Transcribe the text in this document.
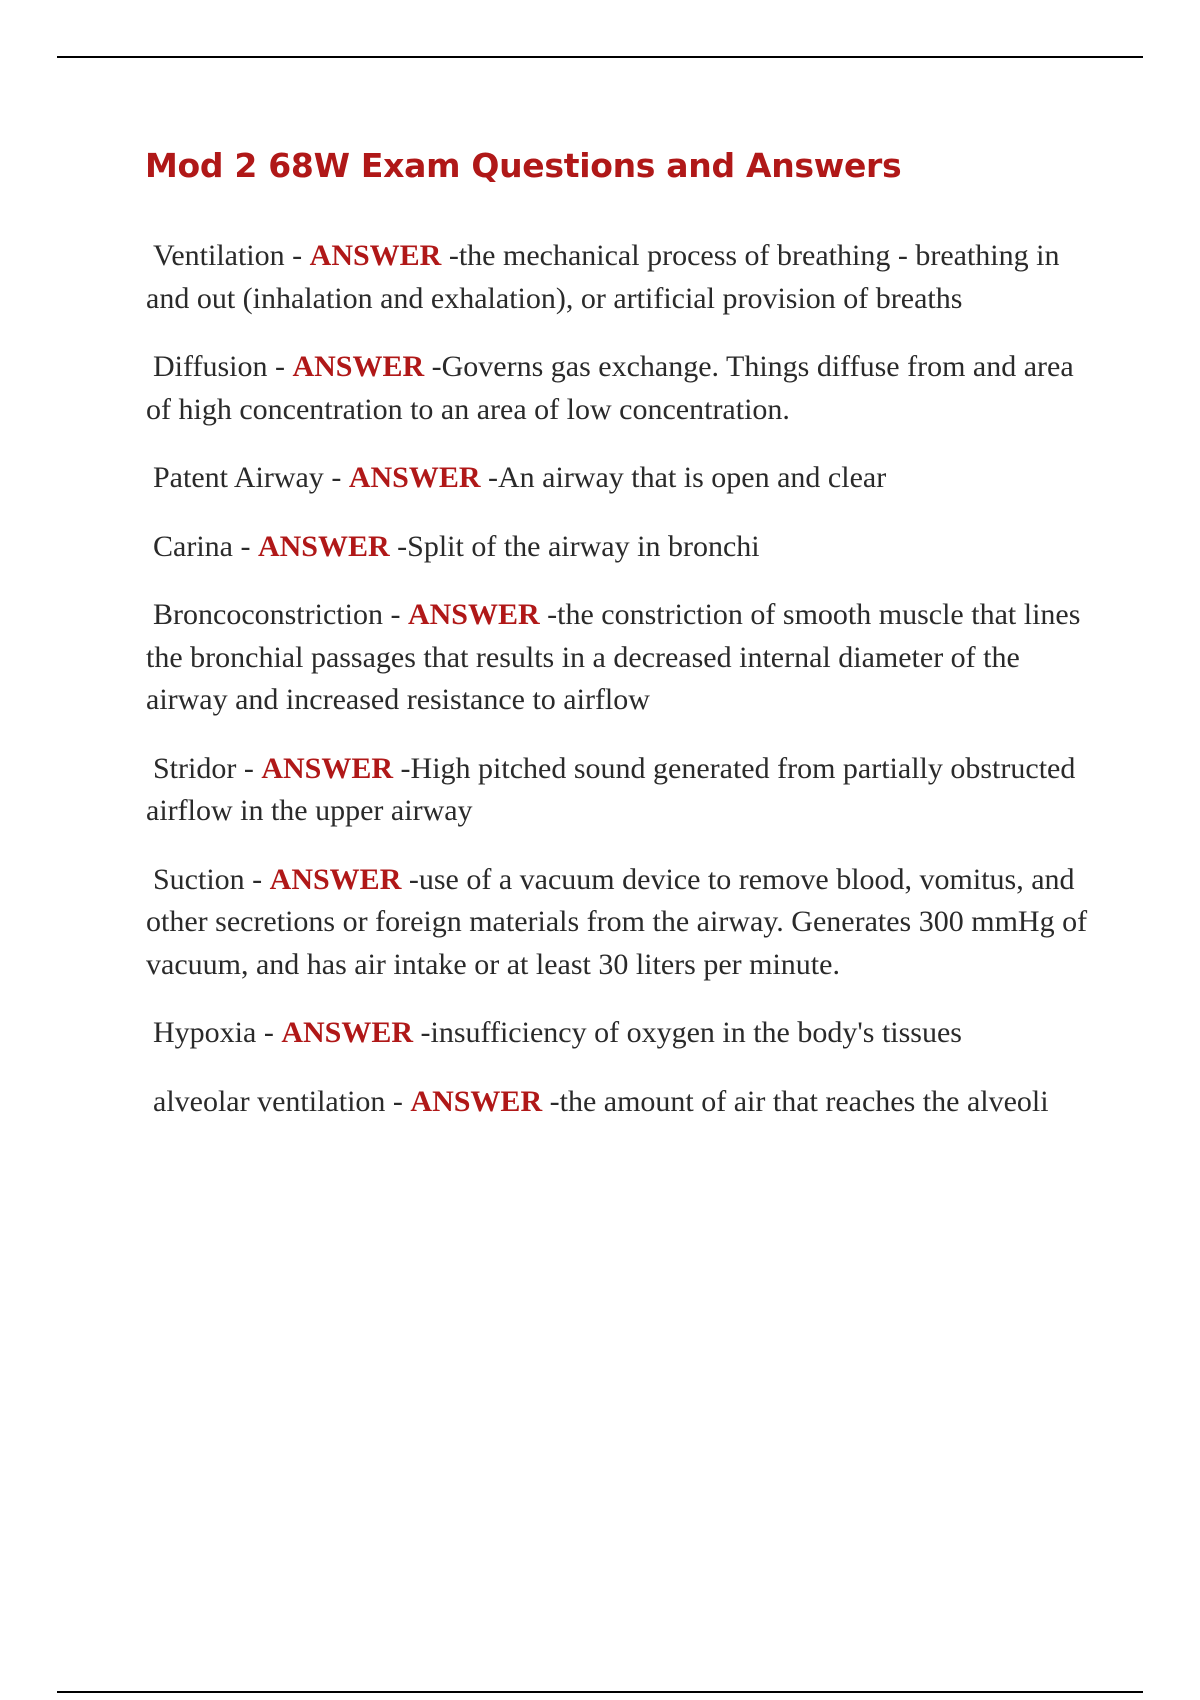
Mod 2 68W Exam Questions and Answers

Ventilation - ANSWER -the mechanical process of breathing - breathing in and out (inhalation and exhalation), or artificial provision of breaths

Diffusion - ANSWER -Governs gas exchange. Things diffuse from and area of high concentration to an area of low concentration.

Patent Airway - ANSWER -An airway that is open and clear

Carina - ANSWER -Split of the airway in bronchi

Broncoconstriction - ANSWER -the constriction of smooth muscle that lines the bronchial passages that results in a decreased internal diameter of the airway and increased resistance to airflow

Stridor - ANSWER -High pitched sound generated from partially obstructed airflow in the upper airway

Suction - ANSWER -use of a vacuum device to remove blood, vomitus, and other secretions or foreign materials from the airway. Generates 300 mmHg of vacuum, and has air intake or at least 30 liters per minute.

Hypoxia - ANSWER -insufficiency of oxygen in the body's tissues

alveolar ventilation - ANSWER -the amount of air that reaches the alveoli
